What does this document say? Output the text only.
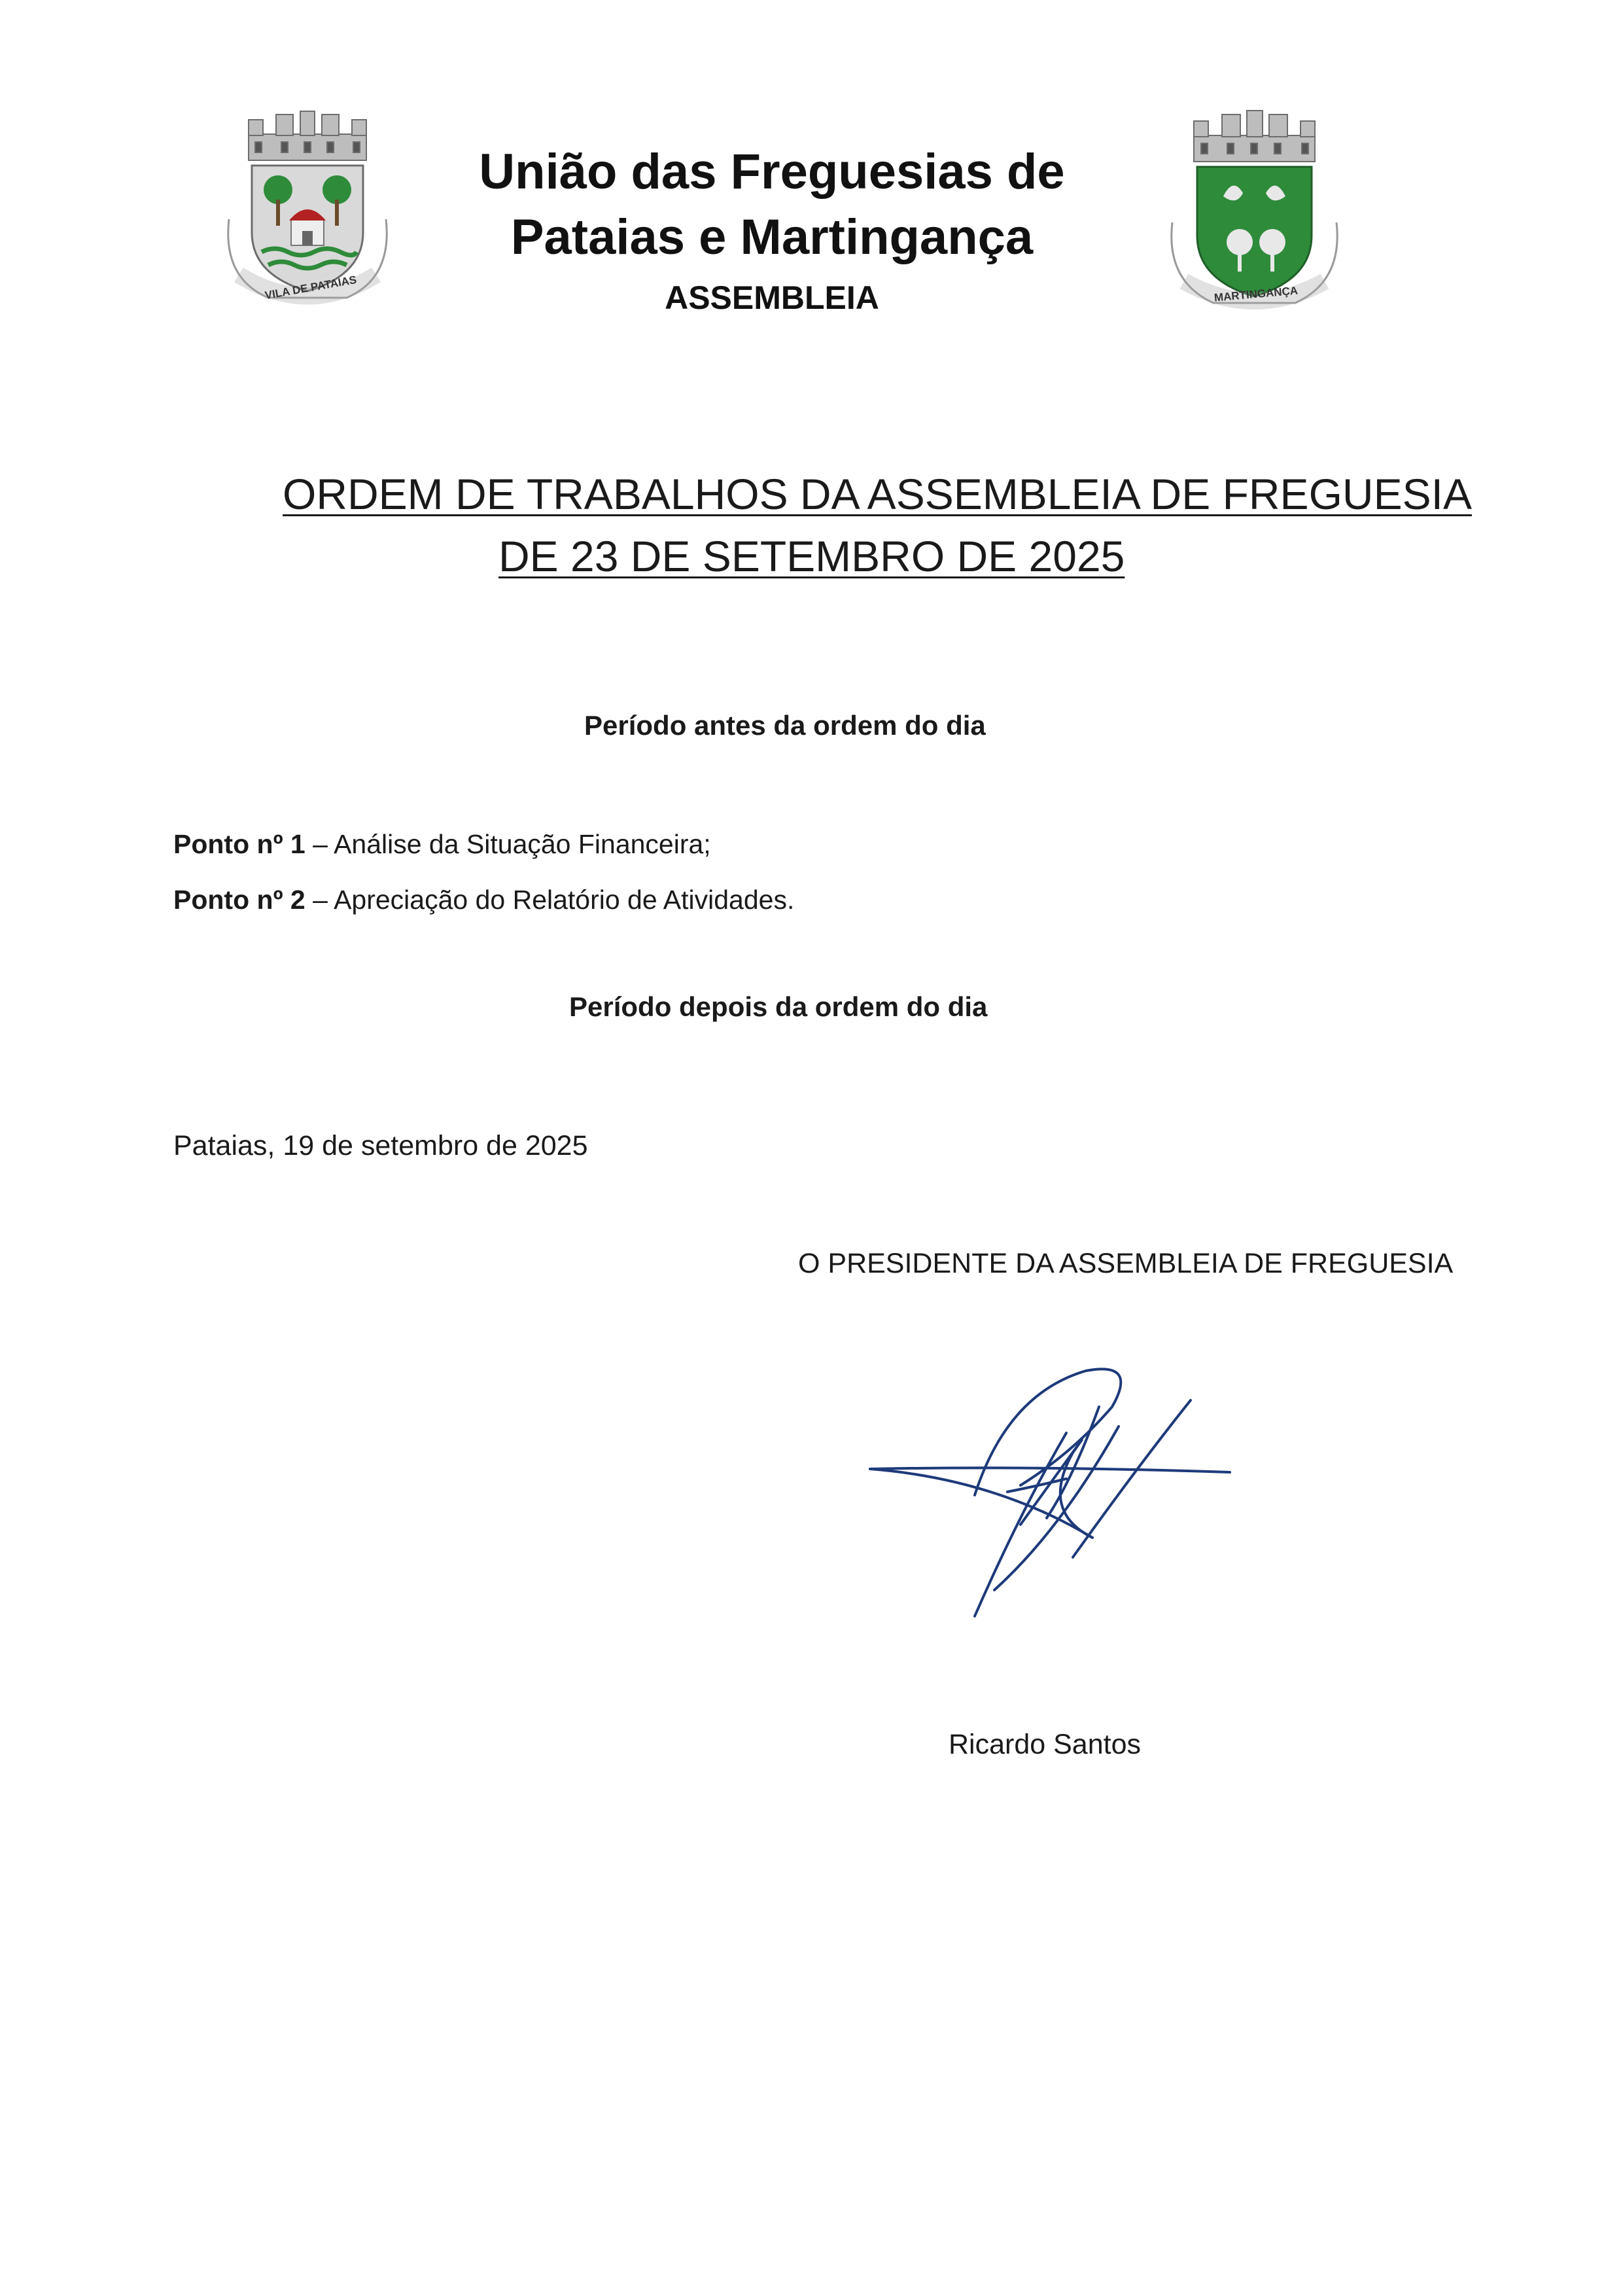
VILA DE PATAIAS	MARTINGANÇA
União das Freguesias de
Pataias e Martingança
ASSEMBLEIA
ORDEM DE TRABALHOS DA ASSEMBLEIA DE FREGUESIA
DE 23 DE SETEMBRO DE 2025
Período antes da ordem do dia
Ponto nº 1 – Análise da Situação Financeira;
Ponto nº 2 – Apreciação do Relatório de Atividades.
Período depois da ordem do dia
Pataias, 19 de setembro de 2025
O PRESIDENTE DA ASSEMBLEIA DE FREGUESIA
Ricardo Santos
